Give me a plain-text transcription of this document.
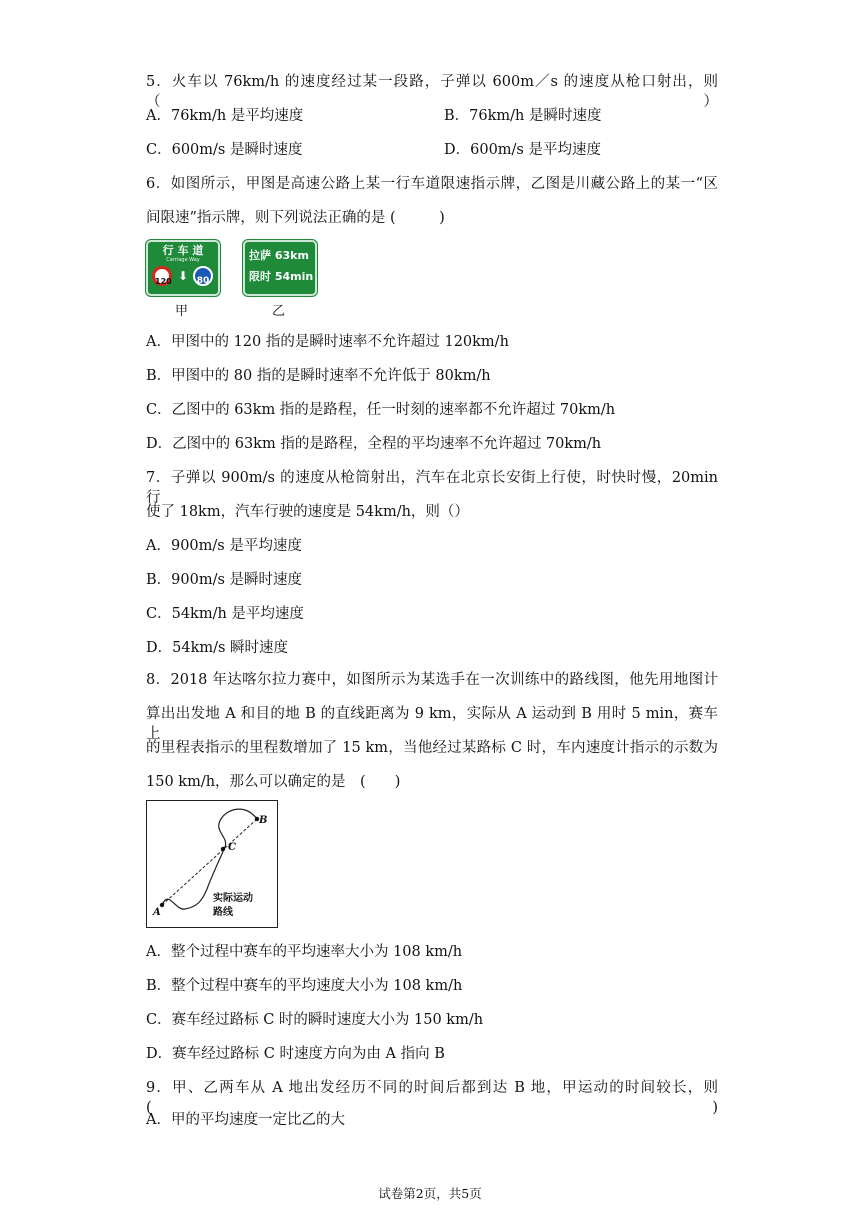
5．火车以 76km/h 的速度经过某一段路，子弹以 600m／s 的速度从枪口射出，则（　　）
A．76km/h 是平均速度	B．76km/h 是瞬时速度
C．600m/s 是瞬时速度	D．600m/s 是平均速度
6．如图所示，甲图是高速公路上某一行车道限速指示牌，乙图是川藏公路上的某一“区
间限速”指示牌，则下列说法正确的是 (　　　)
行 车 道
Carriage Way
120 ⬇ 80
甲
拉萨 63km
限时 54min
乙
A．甲图中的 120 指的是瞬时速率不允许超过 120km/h
B．甲图中的 80 指的是瞬时速率不允许低于 80km/h
C．乙图中的 63km 指的是路程，任一时刻的速率都不允许超过 70km/h
D．乙图中的 63km 指的是路程，全程的平均速率不允许超过 70km/h
7．子弹以 900m/s 的速度从枪筒射出，汽车在北京长安街上行使，时快时慢，20min 行
使了 18km，汽车行驶的速度是 54km/h，则（）
A．900m/s 是平均速度
B．900m/s 是瞬时速度
C．54km/h 是平均速度
D．54km/s 瞬时速度
8．2018 年达喀尔拉力赛中，如图所示为某选手在一次训练中的路线图，他先用地图计
算出出发地 A 和目的地 B 的直线距离为 9 km，实际从 A 运动到 B 用时 5 min，赛车上
的里程表指示的里程数增加了 15 km，当他经过某路标 C 时，车内速度计指示的示数为
150 km/h，那么可以确定的是　(　　)
A
B
C
实际运动
路线
A．整个过程中赛车的平均速率大小为 108 km/h
B．整个过程中赛车的平均速度大小为 108 km/h
C．赛车经过路标 C 时的瞬时速度大小为 150 km/h
D．赛车经过路标 C 时速度方向为由 A 指向 B
9．甲、乙两车从 A 地出发经历不同的时间后都到达 B 地，甲运动的时间较长，则(　　　)
A．甲的平均速度一定比乙的大
试卷第2页，共5页
